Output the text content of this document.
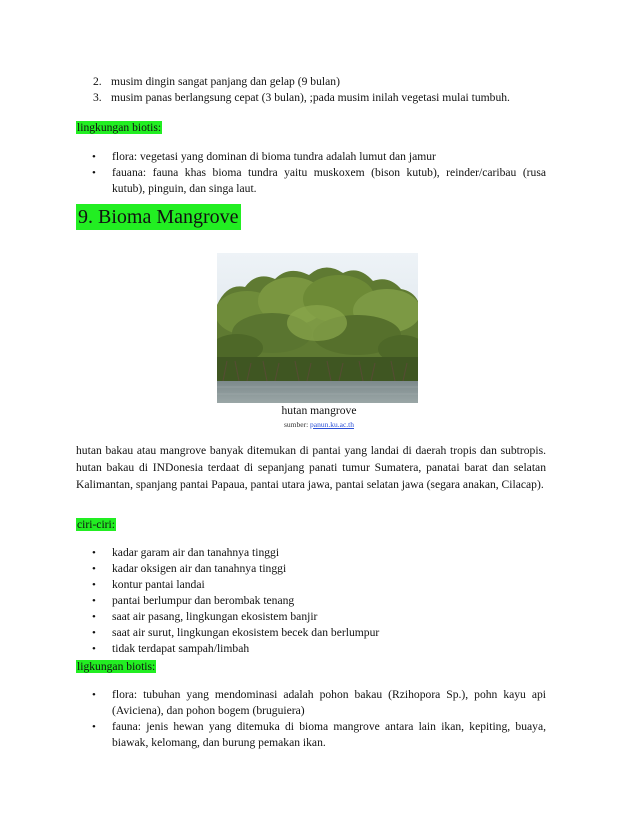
2. musim dingin sangat panjang dan gelap (9 bulan)
3. musim panas berlangsung cepat (3 bulan), ;pada musim inilah vegetasi mulai tumbuh.
lingkungan biotis:
• flora: vegetasi yang dominan di bioma tundra adalah lumut dan jamur
• fauana: fauna khas bioma tundra yaitu muskoxem (bison kutub), reinder/caribau (rusa kutub), pinguin, dan singa laut.
9. Bioma Mangrove
hutan mangrove
sumber: panun.ku.ac.th
hutan bakau atau mangrove banyak ditemukan di pantai yang landai di daerah tropis dan subtropis. hutan bakau di INDonesia terdaat di sepanjang panati tumur Sumatera, panatai barat dan selatan Kalimantan, spanjang pantai Papaua, pantai utara jawa, pantai selatan jawa (segara anakan, Cilacap).
ciri-ciri:
• kadar garam air dan tanahnya tinggi
• kadar oksigen air dan tanahnya tinggi
• kontur pantai landai
• pantai berlumpur dan berombak tenang
• saat air pasang, lingkungan ekosistem banjir
• saat air surut, lingkungan ekosistem becek dan berlumpur
• tidak terdapat sampah/limbah
ligkungan biotis:
• flora: tubuhan yang mendominasi adalah pohon bakau (Rzihopora Sp.), pohn kayu api (Aviciena), dan pohon bogem (bruguiera)
• fauna: jenis hewan yang ditemuka di bioma mangrove antara lain ikan, kepiting, buaya, biawak, kelomang, dan burung pemakan ikan.
